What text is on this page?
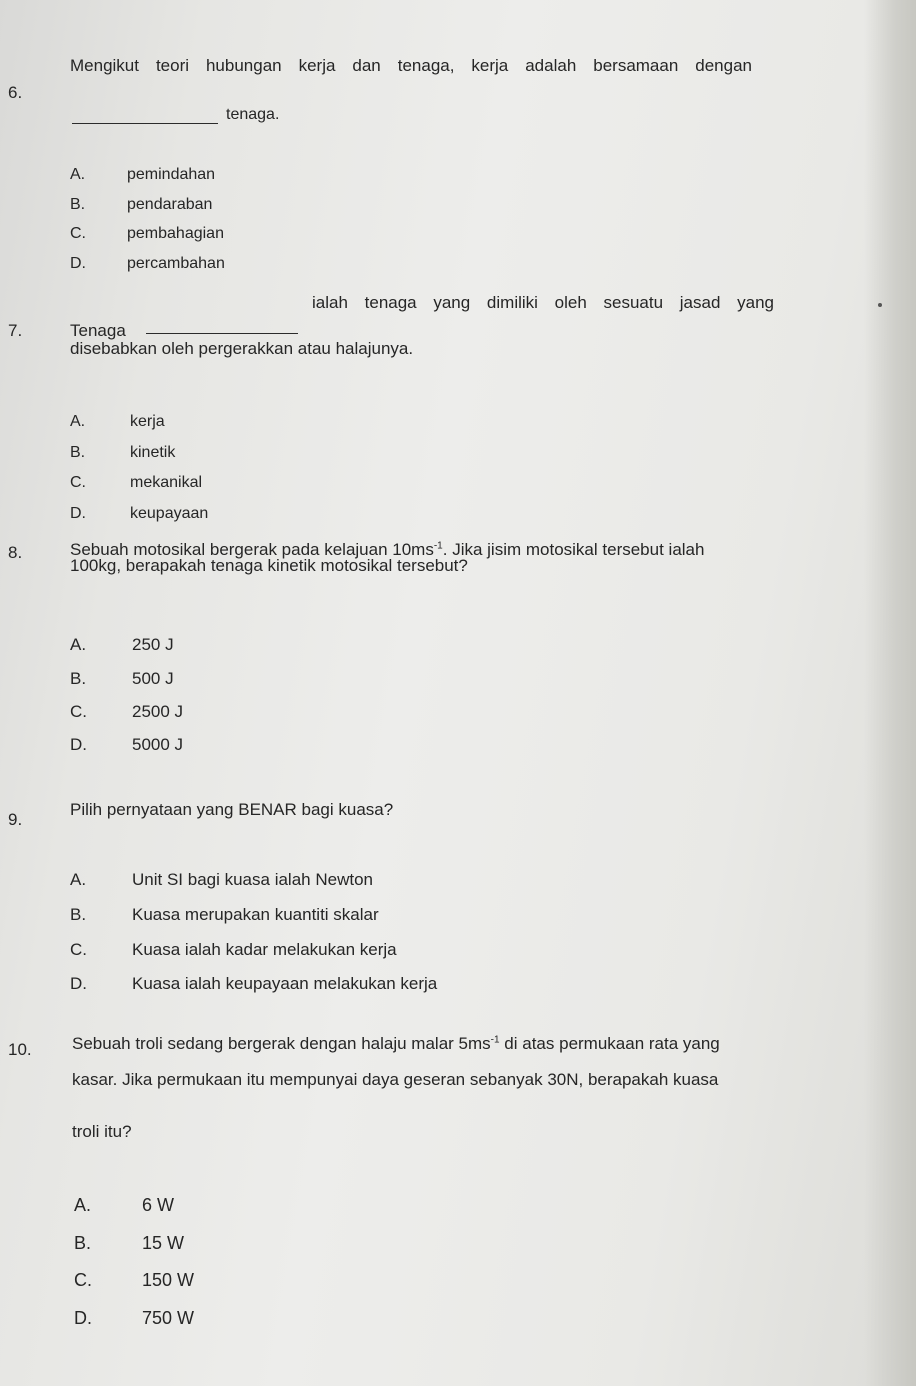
6.
Mengikut teori hubungan kerja dan tenaga, kerja adalah bersamaan dengan
tenaga.
A.	pemindahan
B.	pendaraban
C.	pembahagian
D.	percambahan
7.	Tenaga
ialah tenaga yang dimiliki oleh sesuatu jasad yang
disebabkan oleh pergerakkan atau halajunya.
A.	kerja
B.	kinetik
C.	mekanikal
D.	keupayaan
8.	Sebuah motosikal bergerak pada kelajuan $10ms^{-1}$. Jika jisim motosikal tersebut ialah
100kg, berapakah tenaga kinetik motosikal tersebut?
A.	250 J
B.	500 J
C.	2500 J
D.	5000 J
9.
Pilih pernyataan yang BENAR bagi kuasa?
A.	Unit SI bagi kuasa ialah Newton
B.	Kuasa merupakan kuantiti skalar
C.	Kuasa ialah kadar melakukan kerja
D.	Kuasa ialah keupayaan melakukan kerja
10. Sebuah troli sedang bergerak dengan halaju malar $5ms^{-1}$ di atas permukaan rata yang
kasar. Jika permukaan itu mempunyai daya geseran sebanyak 30N, berapakah kuasa
troli itu?
A.	6 W
B.	15 W
C.	150 W
D.	750 W
